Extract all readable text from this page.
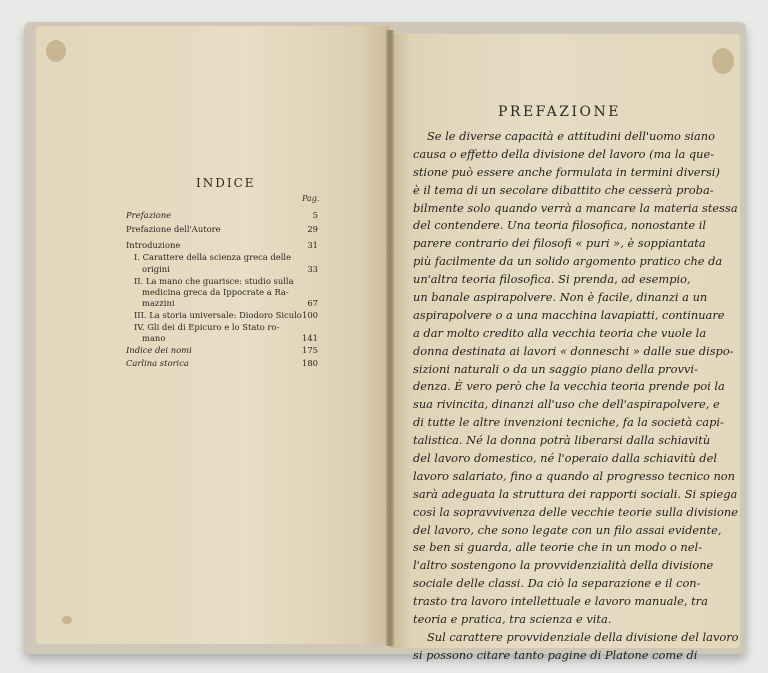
INDICE
Pag.
Prefazione	5
Prefazione dell'Autore	29
Introduzione	31
I. Carattere della scienza greca delle
origini	33
II. La mano che guarisce: studio sulla
medicina greca da Ippocrate a Ra-
mazzini	67
III. La storia universale: Diodoro Siculo 100
IV. Gli dei di Epicuro e lo Stato ro-
mano	141
Indice dei nomi	175
Carlina storica	180
PREFAZIONE
Se le diverse capacità e attitudini dell'uomo siano
causa o effetto della divisione del lavoro (ma la que-
stione può essere anche formulata in termini diversi)
è il tema di un secolare dibattito che cesserà proba-
bilmente solo quando verrà a mancare la materia stessa
del contendere. Una teoria filosofica, nonostante il
parere contrario dei filosofi « puri », è soppiantata
più facilmente da un solido argomento pratico che da
un'altra teoria filosofica. Si prenda, ad esempio,
un banale aspirapolvere. Non è facile, dinanzi a un
aspirapolvere o a una macchina lavapiatti, continuare
a dar molto credito alla vecchia teoria che vuole la
donna destinata ai lavori « donneschi » dalle sue dispo-
sizioni naturali o da un saggio piano della provvi-
denza. È vero però che la vecchia teoria prende poi la
sua rivincita, dinanzi all'uso che dell'aspirapolvere, e
di tutte le altre invenzioni tecniche, fa la società capi-
talistica. Né la donna potrà liberarsi dalla schiavitù
del lavoro domestico, né l'operaio dalla schiavitù del
lavoro salariato, fino a quando al progresso tecnico non
sarà adeguata la struttura dei rapporti sociali. Si spiega
così la sopravvivenza delle vecchie teorie sulla divisione
del lavoro, che sono legate con un filo assai evidente,
se ben si guarda, alle teorie che in un modo o nel-
l'altro sostengono la provvidenzialità della divisione
sociale delle classi. Da ciò la separazione e il con-
trasto tra lavoro intellettuale e lavoro manuale, tra
teoria e pratica, tra scienza e vita.
Sul carattere provvidenziale della divisione del lavoro
si possono citare tanto pagine di Platone come di
